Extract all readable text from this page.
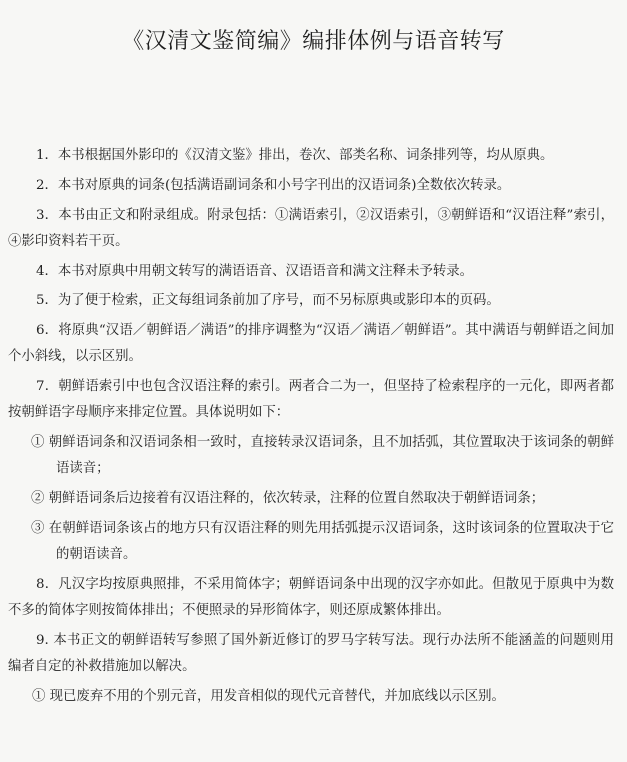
《汉清文鉴简编》编排体例与语音转写

1．本书根据国外影印的《汉清文鉴》排出，卷次、部类名称、词条排列等，均从原典。

2．本书对原典的词条(包括满语副词条和小号字刊出的汉语词条)全数依次转录。

3．本书由正文和附录组成。附录包括：①满语索引，②汉语索引，③朝鲜语和“汉语注释”索引，④影印资料若干页。

4．本书对原典中用朝文转写的满语语音、汉语语音和满文注释未予转录。

5．为了便于检索，正文每组词条前加了序号，而不另标原典或影印本的页码。

6．将原典“汉语／朝鲜语／满语”的排序调整为“汉语／满语／朝鲜语”。其中满语与朝鲜语之间加个小斜线，以示区别。

7．朝鲜语索引中也包含汉语注释的索引。两者合二为一，但坚持了检索程序的一元化，即两者都按朝鲜语字母顺序来排定位置。具体说明如下：

① 朝鲜语词条和汉语词条相一致时，直接转录汉语词条，且不加括弧，其位置取决于该词条的朝鲜语读音；

② 朝鲜语词条后边接着有汉语注释的，依次转录，注释的位置自然取决于朝鲜语词条；

③ 在朝鲜语词条该占的地方只有汉语注释的则先用括弧提示汉语词条，这时该词条的位置取决于它的朝语读音。

8．凡汉字均按原典照排，不采用简体字；朝鲜语词条中出现的汉字亦如此。但散见于原典中为数不多的简体字则按简体排出；不便照录的异形简体字，则还原成繁体排出。

9. 本书正文的朝鲜语转写参照了国外新近修订的罗马字转写法。现行办法所不能涵盖的问题则用编者自定的补救措施加以解决。

① 现已废弃不用的个别元音，用发音相似的现代元音替代，并加底线以示区别。
